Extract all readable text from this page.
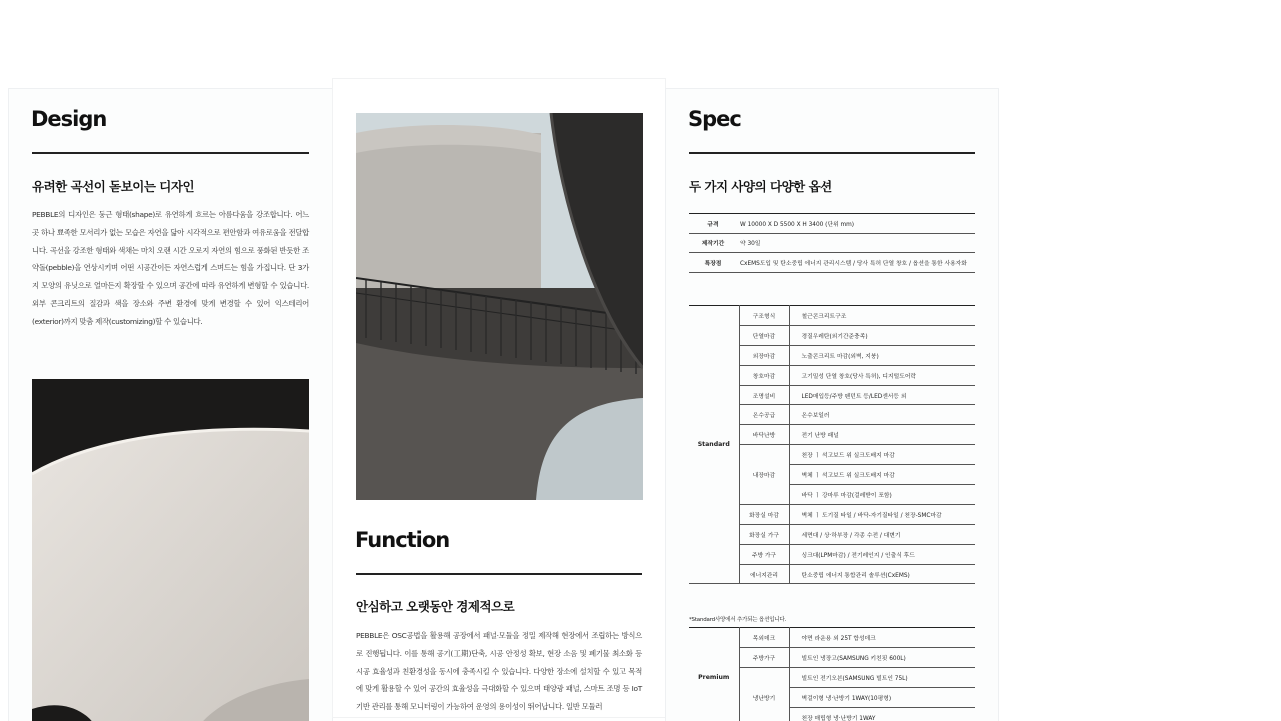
Design
유려한 곡선이 돋보이는 디자인
PEBBLE의 디자인은 둥근 형태(shape)로 유연하게 흐르는 아름다움을 강조합니다. 어느 곳 하나 뾰족한 모서리가 없는 모습은 자연을 닮아 시각적으로 편안함과 여유로움을 전달합니다. 곡선을 강조한 형태와 색채는 마치 오랜 시간 오로지 자연의 힘으로 풍화된 반듯한 조약돌(pebble)을 연상시키며 어떤 시공간이든 자연스럽게 스며드는 힘을 가집니다. 단 3가지 모양의 유닛으로 얼마든지 확장할 수 있으며 공간에 따라 유연하게 변형할 수 있습니다. 외부 콘크리트의 질감과 색을 장소와 주변 환경에 맞게 변경할 수 있어 익스테리어(exterior)까지 맞춤 제작(customizing)할 수 있습니다.
Function
안심하고 오랫동안 경제적으로
PEBBLE은 OSC공법을 활용해 공장에서 패널·모듈을 정밀 제작해 현장에서 조립하는 방식으로 진행됩니다. 이를 통해 공기(工期)단축, 시공 안정성 확보, 현장 소음 및 폐기물 최소화 등 시공 효율성과 친환경성을 동시에 충족시킬 수 있습니다. 다양한 장소에 설치할 수 있고 목적에 맞게 활용할 수 있어 공간의 효율성을 극대화할 수 있으며 태양광 패널, 스마트 조명 등 IoT 기반 관리를 통해 모니터링이 가능하여 운영의 용이성이 뛰어납니다. 일반 모듈러
Spec
두 가지 사양의 다양한 옵션
규격	W 10000 X D 5500 X H 3400 (단위 mm)
제작기간	약 30일
특장점	CxEMS도입 및 탄소중립 에너지 관리시스템 / 당사 특허 단열 창호 / 옵션을 통한 사용자화
Standard	구조형식	철근콘크리트구조
	단열마감	경질우레탄(외기간준충족)
	외장마감	노출콘크리트 마감(외벽, 지붕)
	창호마감	고기밀성 단열 창호(당사 특허), 디지털도어락
	조명설비	LED매입등/주방 펜던트 등/LED센서등 외
	온수공급	온수보일러
	바닥난방	전기 난방 패널
	내장마감	천장 ㅣ 석고보드 위 실크도배지 마감
		벽체 ㅣ 석고보드 위 실크도배지 마감
		바닥 ㅣ 강마루 마감(걸레받이 포함)
	화장실 마감	벽체 ㅣ 도기질 타일 / 바닥-자기질타일 / 천장-SMC마감
	화장실 가구	세면대 / 상·하부장 / 각종 수전 / 대변기
	주방 가구	싱크대(LPM마감) / 전기레인지 / 인출식 후드
	에너지관리	탄소중립 에너지 통합관리 솔루션(CxEMS)
*Standard사양에서 추가되는 옵션입니다.
Premium	목외데크	야면 라운용 외 25T 합성데크
	주방가구	빌트인 냉장고(SAMSUNG 키친핏 600L)
	냉난방기	빌트인 전기오븐(SAMSUNG 빌트인 75L)
		벽걸이형 냉·난방기 1WAY(10평형)
		천장 매립형 냉·난방기 1WAY
